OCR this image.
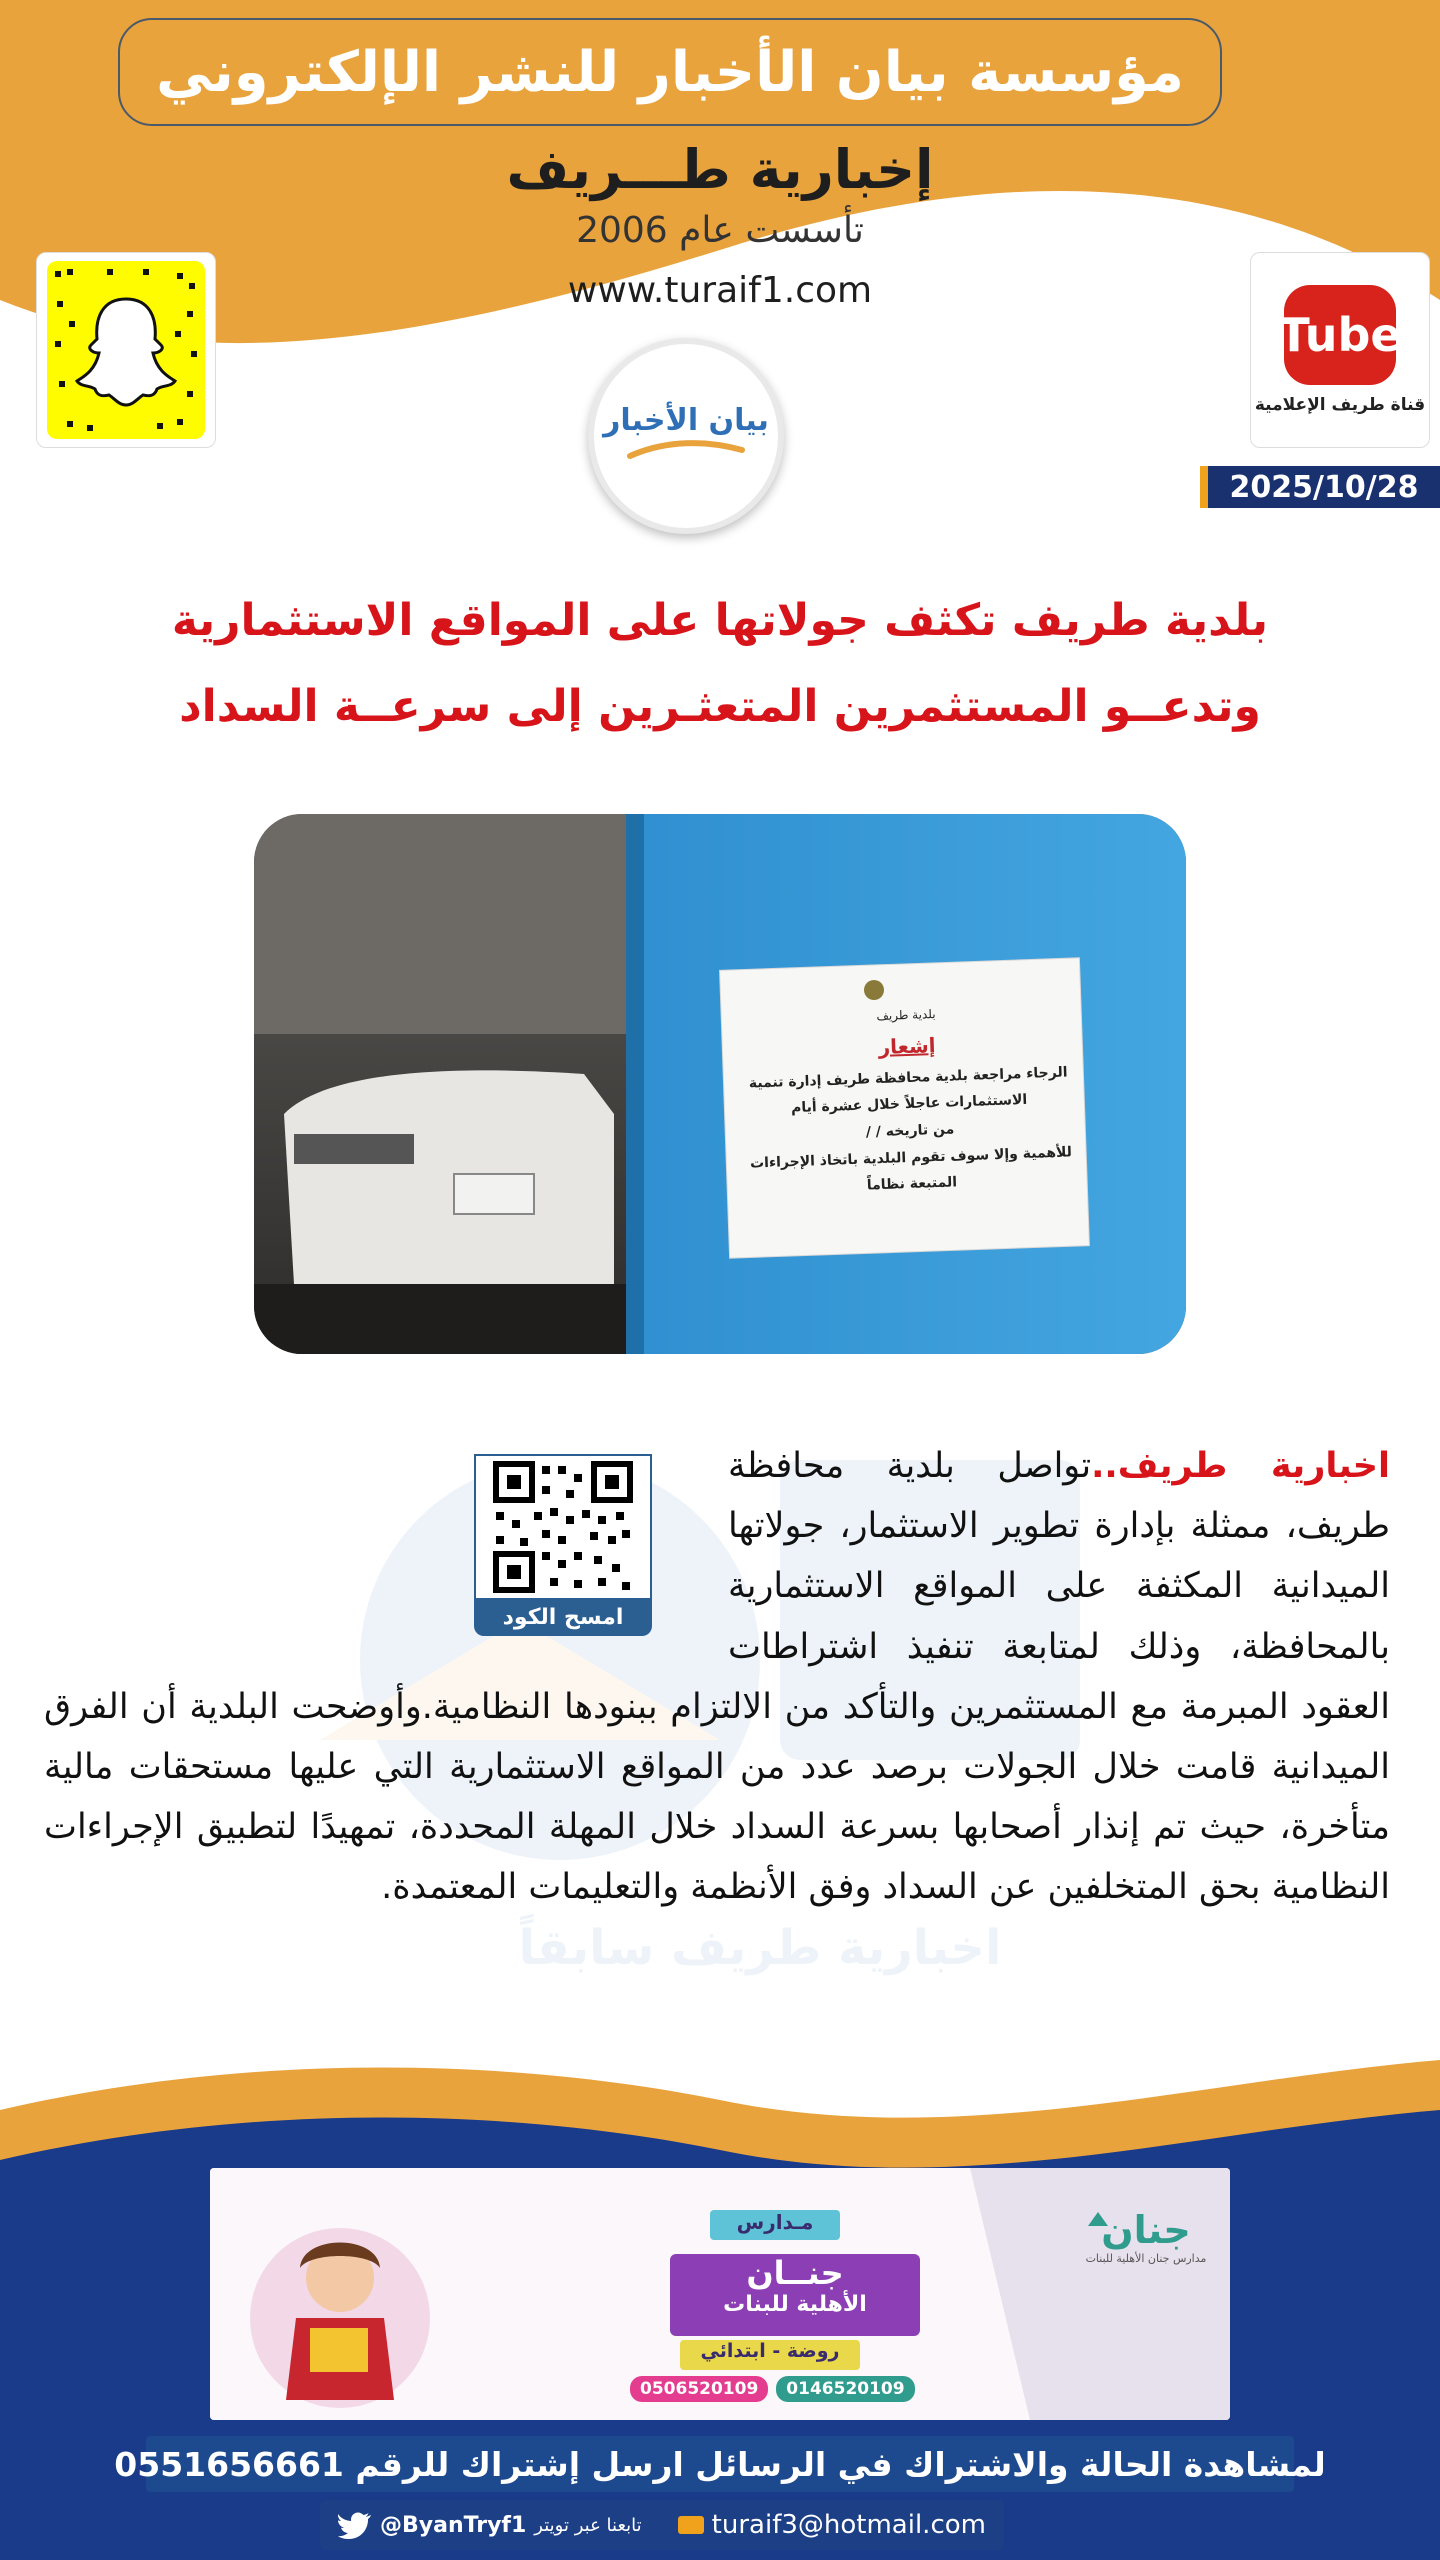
مؤسسة بيان الأخبار للنشر الإلكتروني
إخبارية طـــريف
تأسست عام 2006
www.turaif1.com
بيان الأخبار
Tube
قناة طريف الإعلامية
2025/10/28
بلدية طريف تكثف جولاتها على المواقع الاستثمارية
وتدعــو المستثمرين المتعثـرين إلى سرعــة السداد
بلدية طريف
إشعار
الرجاء مراجعة بلدية محافظة طريف إدارة تنمية
الاستثمارات عاجلاً خلال عشرة أيام
من تاريخه / /
للأهمية وإلا سوف تقوم البلدية باتخاذ الإجراءات
المتبعة نظاماً
اخبارية طريف سابقاً
امسح الكود
اخبارية طريف..تواصل بلدية محافظة طريف، ممثلة بإدارة تطوير الاستثمار، جولاتها الميدانية المكثفة على المواقع الاستثمارية بالمحافظة، وذلك لمتابعة تنفيذ اشتراطات العقود المبرمة مع المستثمرين والتأكد من الالتزام ببنودها النظامية.وأوضحت البلدية أن الفرق الميدانية قامت خلال الجولات برصد عدد من المواقع الاستثمارية التي عليها مستحقات مالية متأخرة، حيث تم إنذار أصحابها بسرعة السداد خلال المهلة المحددة، تمهيدًا لتطبيق الإجراءات النظامية بحق المتخلفين عن السداد وفق الأنظمة والتعليمات المعتمدة.
جنان
مدارس جنان الأهلية للبنات
مـدارس
جنــان
الأهلية للبنات
روضة - ابتدائي
0506520109	0146520109
لمشاهدة الحالة والاشتراك في الرسائل ارسل إشتراك للرقم 0551656661
@ByanTryf1 تابعنا عبر تويتر	turaif3@hotmail.com
